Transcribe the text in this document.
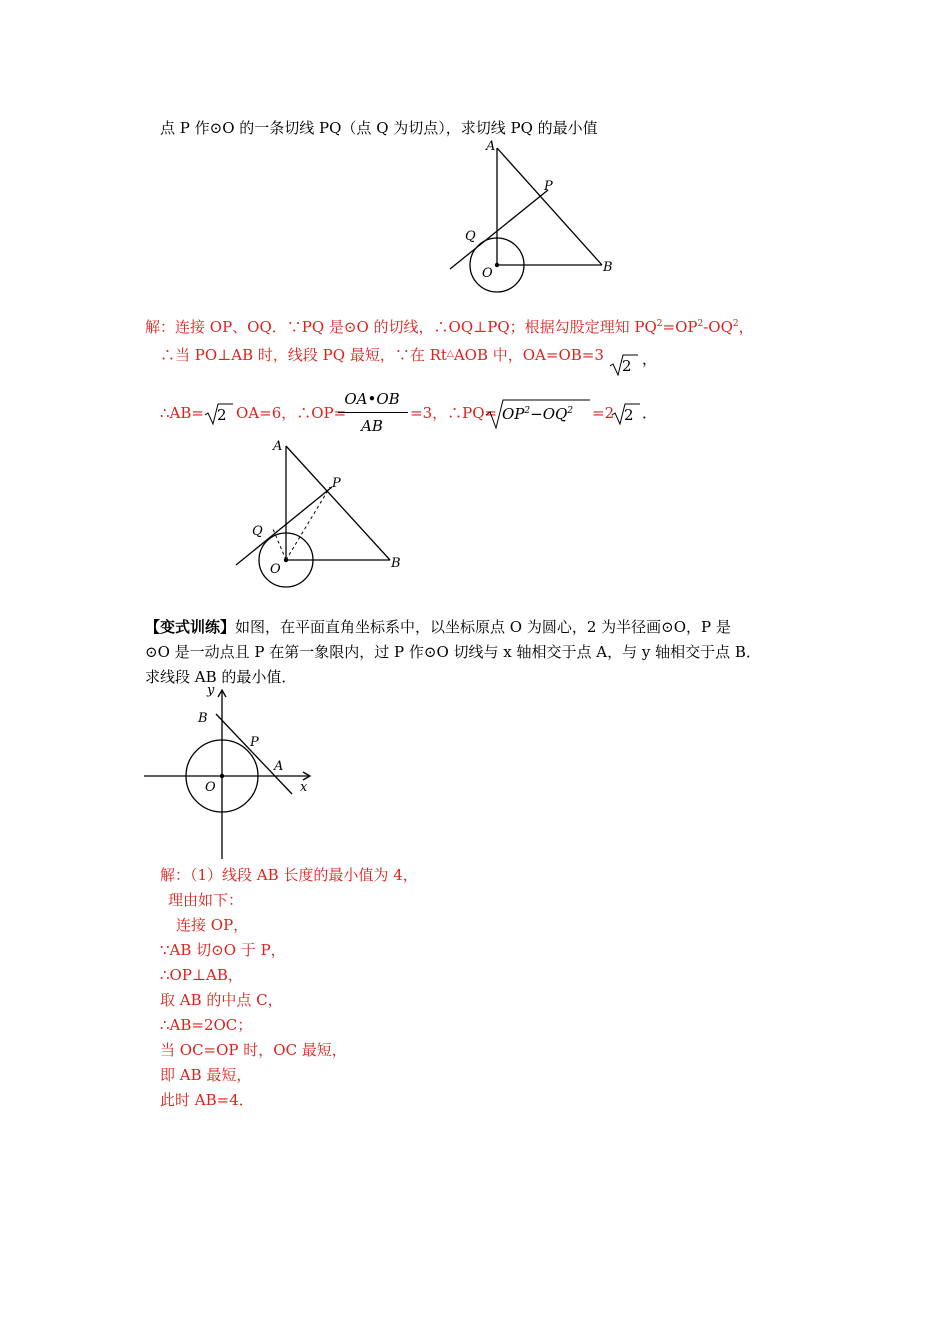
点 P 作⊙O 的一条切线 PQ（点 Q 为切点），求切线 PQ 的最小值
A
P
Q
O	B
解：连接 OP、OQ．∵PQ 是⊙O 的切线，∴OQ⊥PQ；根据勾股定理知 $PQ^2=OP^2-OQ^2$，
∴当 PO⊥AB 时，线段 PQ 最短，∵在 Rt△AOB 中，OA=OB=3
2 ，
∴AB= 2 OA=6，∴OP=
OA•OB
AB
=3，∴PQ= $OP^2-OQ^2 =2$ 2 ．
A
P
Q
O	B
【变式训练】如图，在平面直角坐标系中，以坐标原点 O 为圆心，2 为半径画⊙O，P 是
⊙O 是一动点且 P 在第一象限内，过 P 作⊙O 切线与 x 轴相交于点 A，与 y 轴相交于点 B．
求线段 AB 的最小值．
y
B
P
A
O	x
解：（1）线段 AB 长度的最小值为 4，
理由如下：
连接 OP，
∵AB 切⊙O 于 P，
∴OP⊥AB，
取 AB 的中点 C，
∴AB=2OC；
当 OC=OP 时，OC 最短，
即 AB 最短，
此时 AB=4．
